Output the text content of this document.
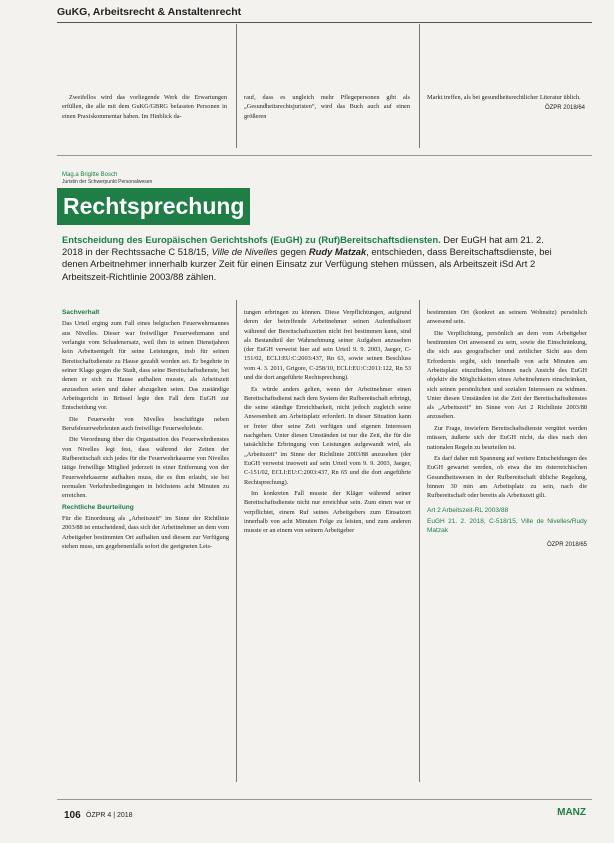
GuKG, Arbeitsrecht & Anstaltenrecht

Zweifellos wird das vorliegende Werk die Erwartungen erfüllen, die alle mit dem GuKG/GBRG befassten Personen in einen Praxiskommentar haben. Im Hinblick da-

rauf, dass es ungleich mehr Pflegepersonen gibt als „Gesundheitsrechtsjuristen“, wird das Buch auch auf einen größeren

Markt treffen, als bei gesundheitsrechtlicher Literatur üblich.

ÖZPR 2018/64
Mag.a Brigitte Bosch
Juristin der Schwerpunkt Personalwesen
Rechtsprechung
Entscheidung des Europäischen Gerichtshofs (EuGH) zu (Ruf)Bereitschaftsdiensten. Der EuGH hat am 21. 2. 2018 in der Rechtssache C 518/15, Ville de Nivelles gegen Rudy Matzak, entschieden, dass Bereitschaftsdienste, bei denen Arbeitnehmer innerhalb kurzer Zeit für einen Einsatz zur Verfügung stehen müssen, als Arbeitszeit iSd Art 2 Arbeitszeit-Richtlinie 2003/88 zählen.

Sachverhalt

Das Urteil erging zum Fall eines belgischen Feuerwehrmannes aus Nivelles. Dieser war freiwilliger Feuerwehrmann und verlangte vom Schadenersatz, weil ihm in seinen Dienstjahren kein Arbeitsentgelt für seine Leistungen, insb für seinen Bereitschaftsdienste zu Hause gezahlt worden sei. Er begehrte in seiner Klage gegen die Stadt, dass seine Bereitschaftsdienste, bei denen er sich zu Hause aufhalten musste, als Arbeitszeit anzusehen seien und daher abzugelten seien. Das zuständige Arbeitsgericht in Brüssel legte den Fall dem EuGH zur Entscheidung vor.

Die Feuerwehr von Nivelles beschäftigte neben Berufsfeuerwehrleuten auch freiwillige Feuerwehrleute.

Die Verordnung über die Organisation des Feuerwehrdienstes von Nivelles legt fest, dass während der Zeiten der Rufbereitschaft sich jedes für die Feuerwehrkaserne von Nivelles tätige freiwillige Mitglied jederzeit in einer Entfernung von der Feuerwehrkaserne aufhalten muss, die es ihm erlaubt, sie bei normalen Verkehrsbedingungen in höchstens acht Minuten zu erreichen.

Rechtliche Beurteilung

Für die Einordnung als „Arbeitszeit“ im Sinne der Richtlinie 2003/88 ist entscheidend, dass sich der Arbeitnehmer an dem vom Arbeitgeber bestimmten Ort aufhalten und diesem zur Verfügung stehen muss, um gegebenenfalls sofort die geeigneten Leis-

tungen erbringen zu können. Diese Verpflichtungen, aufgrund deren der betreffende Arbeitnehmer seinen Aufenthaltsort während der Bereitschaftszeiten nicht frei bestimmen kann, sind als Bestandteil der Wahrnehmung seiner Aufgaben anzusehen (der EuGH verweist hier auf sein Urteil 9. 9. 2003, Jaeger, C-151/02, ECLI:EU:C:2003:437, Rn 63, sowie seinen Beschluss vom 4. 3. 2011, Grigore, C-258/10, ECLI:EU:C:2011:122, Rn 53 und die dort angeführte Rechtsprechung).

Es würde anders gelten, wenn der Arbeitnehmer einen Bereitschaftsdienst nach dem System der Rufbereitschaft erbringt, die seine ständige Erreichbarkeit, nicht jedoch zugleich seine Anwesenheit am Arbeitsplatz erfordert. In dieser Situation kann er freier über seine Zeit verfügen und eigenen Interessen nachgehen. Unter diesen Umständen ist nur die Zeit, die für die tatsächliche Erbringung von Leistungen aufgewandt wird, als „Arbeitszeit“ im Sinne der Richtlinie 2003/88 anzusehen (der EuGH verweist insoweit auf sein Urteil vom 9. 9. 2003, Jaeger, C-151/02, ECLI:EU:C:2003:437, Rn 65 und die dort angeführte Rechtsprechung).

Im konkreten Fall musste der Kläger während seiner Bereitschaftsdienste nicht nur erreichbar sein. Zum einen war er verpflichtet, einem Ruf seines Arbeitgebers zum Einsatzort innerhalb von acht Minuten Folge zu leisten, und zum anderen musste er an einem von seinem Arbeitgeber

bestimmten Ort (konkret an seinem Wohnsitz) persönlich anwesend sein.

Die Verpflichtung, persönlich an dem vom Arbeitgeber bestimmten Ort anwesend zu sein, sowie die Einschränkung, die sich aus geografischer und zeitlicher Sicht aus dem Erfordernis ergibt, sich innerhalb von acht Minuten am Arbeitsplatz einzufinden, können nach Ansicht des EuGH objektiv die Möglichkeiten eines Arbeitnehmers einschränken, sich seinen persönlichen und sozialen Interessen zu widmen. Unter diesen Umständen ist die Zeit der Bereitschaftsdienstes als „Arbeitszeit“ im Sinne von Art 2 Richtlinie 2003/88 anzusehen.

Zur Frage, inwiefern Bereitschaftsdienste vergütet werden müssen, äußerte sich der EuGH nicht, da dies nach den nationalen Regeln zu beurteilen ist.

Es darf daher mit Spannung auf weitere Entscheidungen des EuGH gewartet werden, ob etwa die im österreichischen Gesundheitswesen in der Rufbereitschaft übliche Regelung, binnen 30 min am Arbeitsplatz zu sein, nach die Rufbereitschaft oder bereits als Arbeitszeit gilt.

Art 2 Arbeitszeit-RL 2003/88

EuGH 21. 2. 2018, C-518/15, Ville de Nivelles/Rudy Matzak

ÖZPR 2018/65
106 ÖZPR 4 | 2018	MANZ
